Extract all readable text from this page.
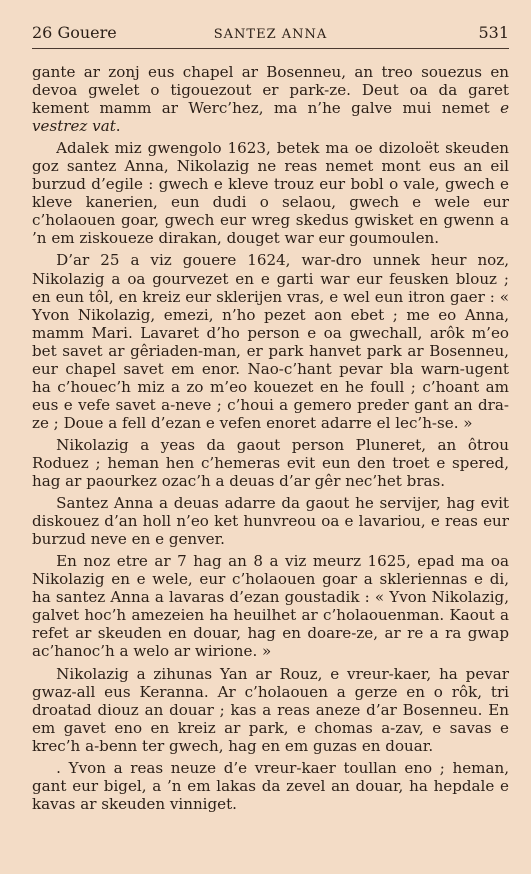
26 Gouere	SANTEZ ANNA	531

gante ar zonj eus chapel ar Bosenneu, an treo souezus en devoa gwelet o tigouezout er park-ze. Deut oa da garet kement mamm ar Werc’hez, ma n’he galve mui nemet e vestrez vat.

Adalek miz gwengolo 1623, betek ma oe dizoloët skeuden goz santez Anna, Nikolazig ne reas nemet mont eus an eil burzud d’egile : gwech e kleve trouz eur bobl o vale, gwech e kleve kanerien, eun dudi o selaou, gwech e wele eur c’holaouen goar, gwech eur wreg skedus gwisket en gwenn a ’n em ziskoueze dirakan, douget war eur goumoulen.

D’ar 25 a viz gouere 1624, war-dro unnek heur noz, Nikolazig a oa gourvezet en e garti war eur feusken blouz ; en eun tôl, en kreiz eur sklerijen vras, e wel eun itron gaer : « Yvon Nikolazig, emezi, n’ho pezet aon ebet ; me eo Anna, mamm Mari. Lavaret d’ho person e oa gwechall, arôk m’eo bet savet ar gêriaden-man, er park hanvet park ar Bosenneu, eur chapel savet em enor. Nao-c’hant pevar bla warn-ugent ha c’houec’h miz a zo m’eo kouezet en he foull ; c’hoant am eus e vefe savet a-neve ; c’houi a gemero preder gant an dra-ze ; Doue a fell d’ezan e vefen enoret adarre el lec’h-se. »

Nikolazig a yeas da gaout person Pluneret, an ôtrou Roduez ; heman hen c’hemeras evit eun den troet e spered, hag ar paourkez ozac’h a deuas d’ar gêr nec’het bras.

Santez Anna a deuas adarre da gaout he servijer, hag evit diskouez d’an holl n’eo ket hunvreou oa e lavariou, e reas eur burzud neve en e genver.

En noz etre ar 7 hag an 8 a viz meurz 1625, epad ma oa Nikolazig en e wele, eur c’holaouen goar a skleriennas e di, ha santez Anna a lavaras d’ezan goustadik : « Yvon Nikolazig, galvet hoc’h amezeien ha heuilhet ar c’holaouenman. Kaout a refet ar skeuden en douar, hag en doare-ze, ar re a ra gwap ac’hanoc’h a welo ar wirione. »

Nikolazig a zihunas Yan ar Rouz, e vreur-kaer, ha pevar gwaz-all eus Keranna. Ar c’holaouen a gerze en o rôk, tri droatad diouz an douar ; kas a reas aneze d’ar Bosenneu. En em gavet eno en kreiz ar park, e chomas a-zav, e savas e krec’h a-benn ter gwech, hag en em guzas en douar.

. Yvon a reas neuze d’e vreur-kaer toullan eno ; heman, gant eur bigel, a ’n em lakas da zevel an douar, ha hepdale e kavas ar skeuden vinniget.
